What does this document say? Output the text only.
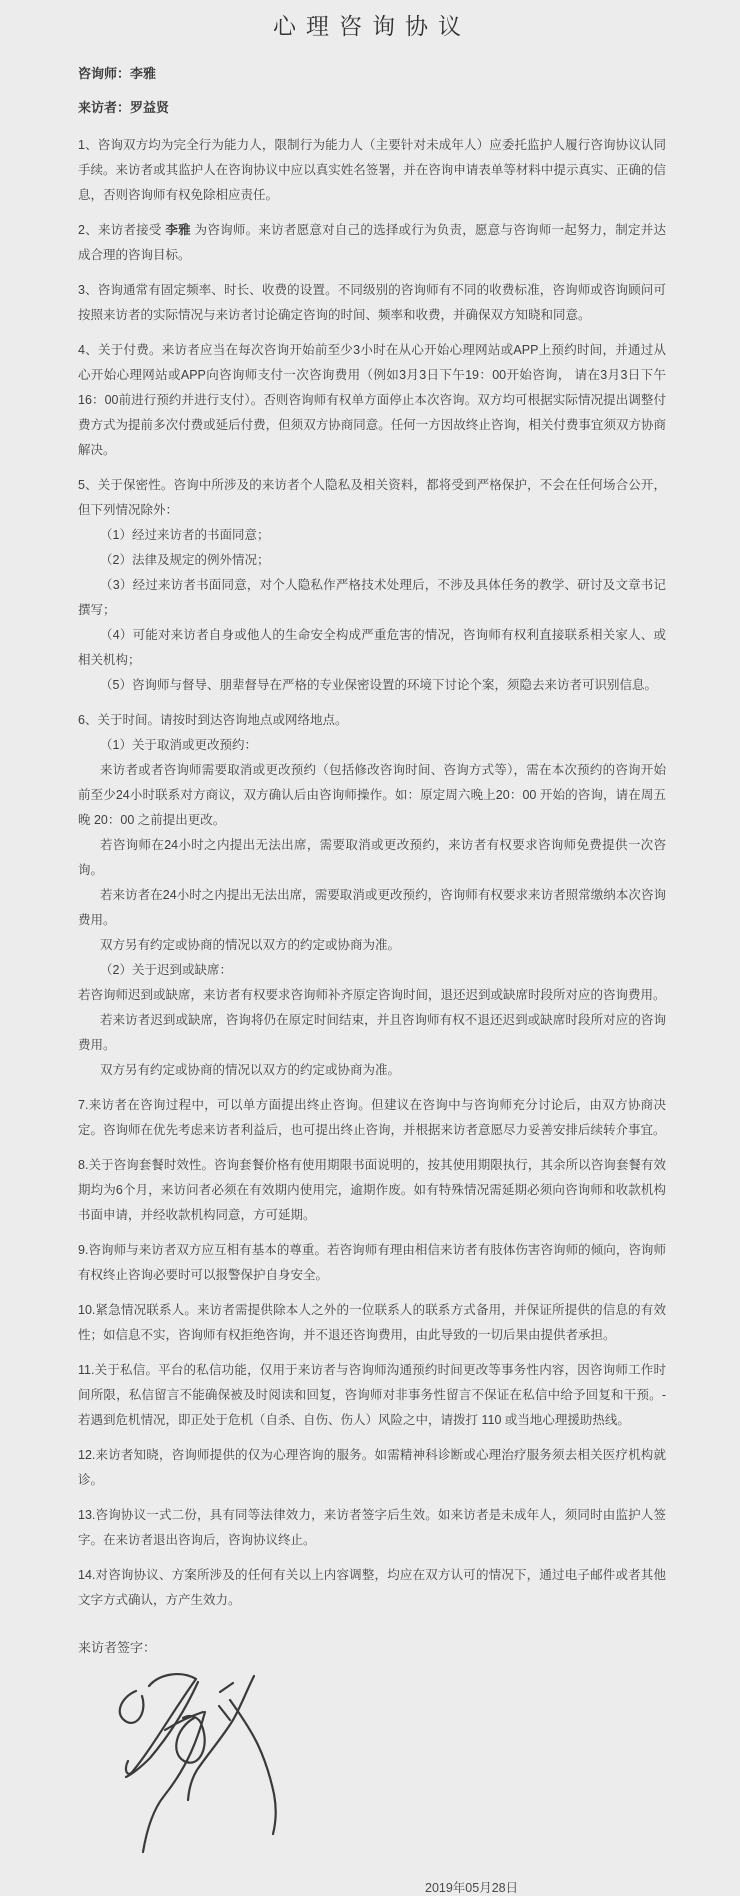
心理咨询协议

咨询师：李雅

来访者：罗益贤

1、咨询双方均为完全行为能力人，限制行为能力人（主要针对未成年人）应委托监护人履行咨询协议认同手续。来访者或其监护人在咨询协议中应以真实姓名签署，并在咨询申请表单等材料中提示真实、正确的信息，否则咨询师有权免除相应责任。

2、来访者接受 李雅 为咨询师。来访者愿意对自己的选择或行为负责，愿意与咨询师一起努力，制定并达成合理的咨询目标。

3、咨询通常有固定频率、时长、收费的设置。不同级别的咨询师有不同的收费标准，咨询师或咨询顾问可按照来访者的实际情况与来访者讨论确定咨询的时间、频率和收费，并确保双方知晓和同意。

4、关于付费。来访者应当在每次咨询开始前至少3小时在从心开始心理网站或APP上预约时间，并通过从心开始心理网站或APP向咨询师支付一次咨询费用（例如3月3日下午19：00开始咨询， 请在3月3日下午16：00前进行预约并进行支付）。否则咨询师有权单方面停止本次咨询。双方均可根据实际情况提出调整付费方式为提前多次付费或延后付费，但须双方协商同意。任何一方因故终止咨询，相关付费事宜须双方协商解决。

5、关于保密性。咨询中所涉及的来访者个人隐私及相关资料，都将受到严格保护，不会在任何场合公开，但下列情况除外：

（1）经过来访者的书面同意；

（2）法律及规定的例外情况；

（3）经过来访者书面同意，对个人隐私作严格技术处理后，不涉及具体任务的教学、研讨及文章书记撰写；

（4）可能对来访者自身或他人的生命安全构成严重危害的情况，咨询师有权利直接联系相关家人、或相关机构；

（5）咨询师与督导、朋辈督导在严格的专业保密设置的环境下讨论个案，须隐去来访者可识别信息。

6、关于时间。请按时到达咨询地点或网络地点。

（1）关于取消或更改预约：

来访者或者咨询师需要取消或更改预约（包括修改咨询时间、咨询方式等），需在本次预约的咨询开始前至少24小时联系对方商议，双方确认后由咨询师操作。如：原定周六晚上20：00 开始的咨询，请在周五晚 20：00 之前提出更改。

若咨询师在24小时之内提出无法出席，需要取消或更改预约，来访者有权要求咨询师免费提供一次咨询。

若来访者在24小时之内提出无法出席，需要取消或更改预约，咨询师有权要求来访者照常缴纳本次咨询费用。

双方另有约定或协商的情况以双方的约定或协商为准。

（2）关于迟到或缺席：

若咨询师迟到或缺席，来访者有权要求咨询师补齐原定咨询时间，退还迟到或缺席时段所对应的咨询费用。

若来访者迟到或缺席，咨询将仍在原定时间结束，并且咨询师有权不退还迟到或缺席时段所对应的咨询费用。

双方另有约定或协商的情况以双方的约定或协商为准。

7.来访者在咨询过程中，可以单方面提出终止咨询。但建议在咨询中与咨询师充分讨论后，由双方协商决定。咨询师在优先考虑来访者利益后，也可提出终止咨询，并根据来访者意愿尽力妥善安排后续转介事宜。

8.关于咨询套餐时效性。咨询套餐价格有使用期限书面说明的，按其使用期限执行，其余所以咨询套餐有效期均为6个月，来访问者必须在有效期内使用完，逾期作废。如有特殊情况需延期必须向咨询师和收款机构书面申请，并经收款机构同意，方可延期。

9.咨询师与来访者双方应互相有基本的尊重。若咨询师有理由相信来访者有肢体伤害咨询师的倾向，咨询师有权终止咨询必要时可以报警保护自身安全。

10.紧急情况联系人。来访者需提供除本人之外的一位联系人的联系方式备用，并保证所提供的信息的有效性；如信息不实，咨询师有权拒绝咨询，并不退还咨询费用，由此导致的一切后果由提供者承担。

11.关于私信。平台的私信功能，仅用于来访者与咨询师沟通预约时间更改等事务性内容，因咨询师工作时间所限，私信留言不能确保被及时阅读和回复，咨询师对非事务性留言不保证在私信中给予回复和干预。- 若遇到危机情况，即正处于危机（自杀、自伤、伤人）风险之中，请拨打 110 或当地心理援助热线。

12.来访者知晓，咨询师提供的仅为心理咨询的服务。如需精神科诊断或心理治疗服务须去相关医疗机构就诊。

13.咨询协议一式二份，具有同等法律效力，来访者签字后生效。如来访者是未成年人，须同时由监护人签字。在来访者退出咨询后，咨询协议终止。

14.对咨询协议、方案所涉及的任何有关以上内容调整，均应在双方认可的情况下，通过电子邮件或者其他文字方式确认，方产生效力。

来访者签字：

2019年05月28日
